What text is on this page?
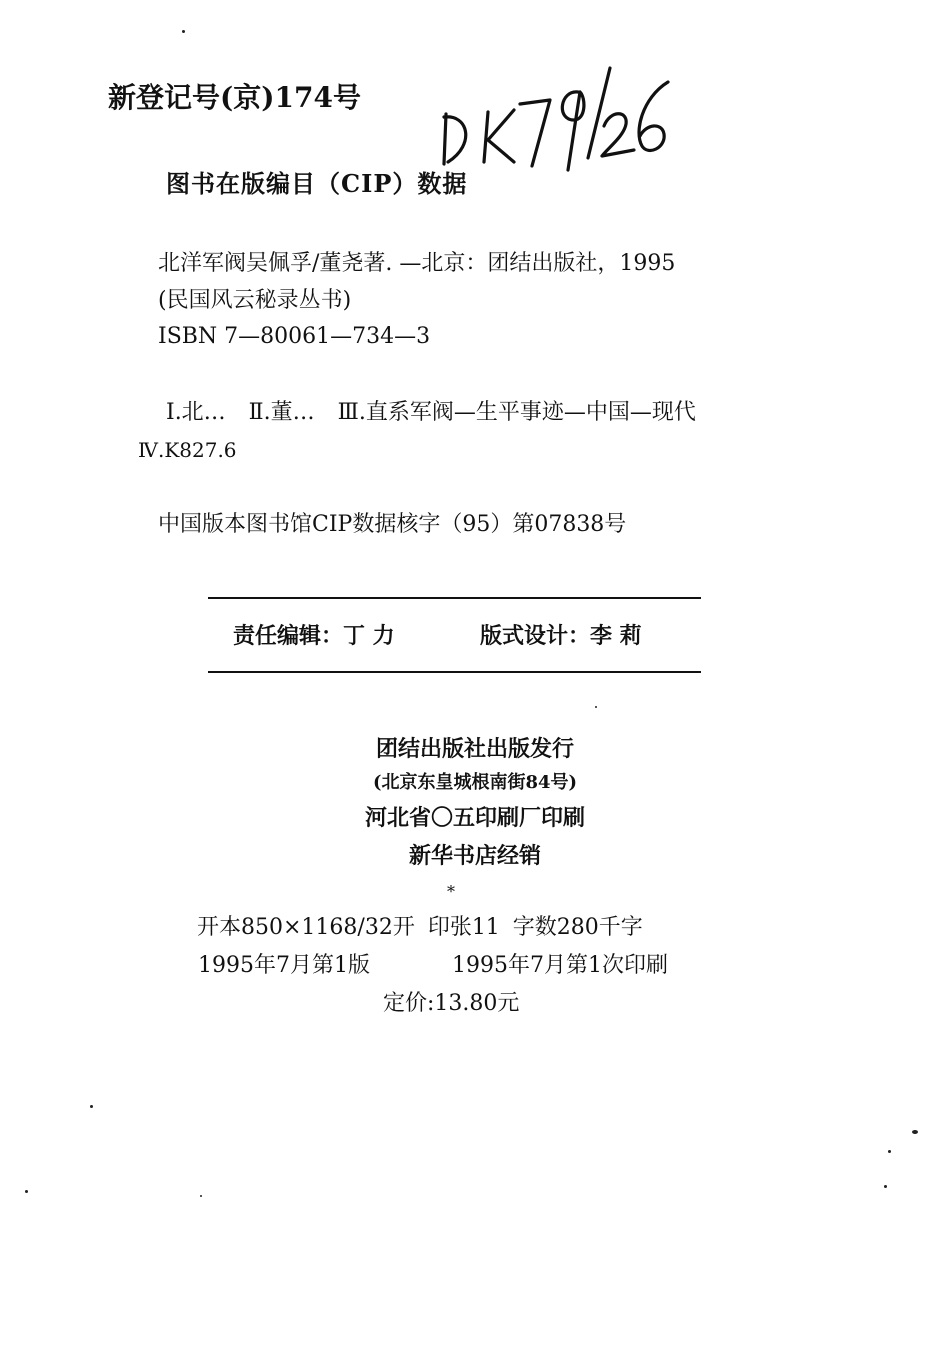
新登记号(京)174号
图书在版编目（CIP）数据
北洋军阀吴佩孚/董尧著. —北京：团结出版社，1995
(民国风云秘录丛书)
ISBN 7—80061—734—3
Ⅰ.北… Ⅱ.董… Ⅲ.直系军阀—生平事迹—中国—现代
Ⅳ.K827.6
中国版本图书馆CIP数据核字（95）第07838号
责任编辑：丁 力	版式设计：李 莉
团结出版社出版发行
(北京东皇城根南街84号)
河北省〇五印刷厂印刷
新华书店经销
*
开本850×1168/32开 印张11 字数280千字
1995年7月第1版	1995年7月第1次印刷
定价:13.80元
